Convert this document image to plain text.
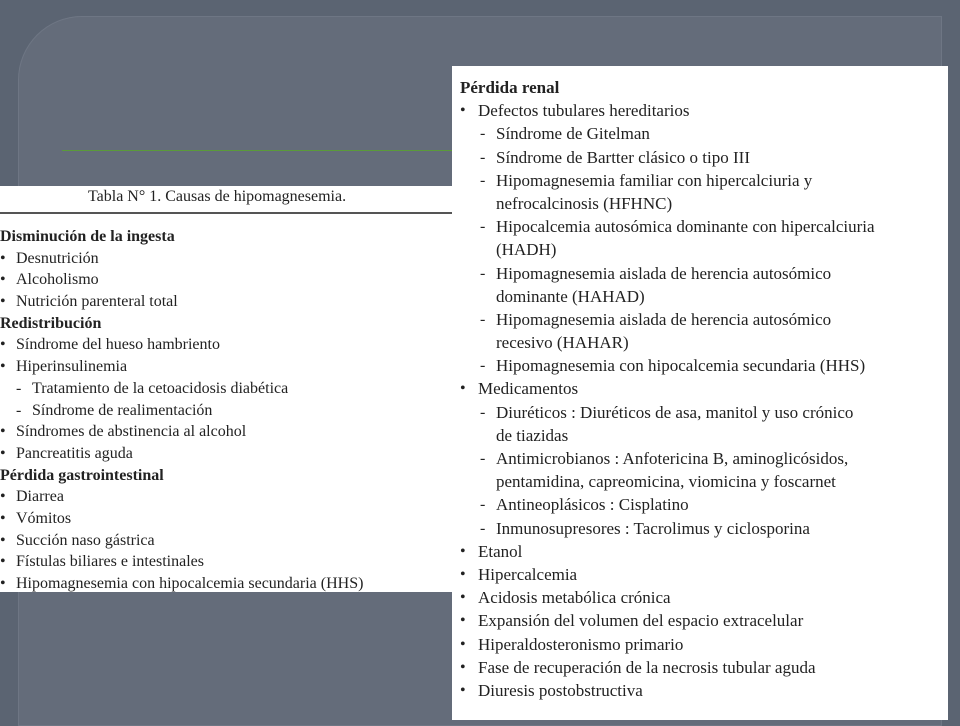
Tabla N° 1. Causas de hipomagnesemia.
Disminución de la ingesta
• Desnutrición
• Alcoholismo
• Nutrición parenteral total
Redistribución
• Síndrome del hueso hambriento
• Hiperinsulinemia
- Tratamiento de la cetoacidosis diabética
- Síndrome de realimentación
• Síndromes de abstinencia al alcohol
• Pancreatitis aguda
Pérdida gastrointestinal
• Diarrea
• Vómitos
• Succión naso gástrica
• Fístulas biliares e intestinales
• Hipomagnesemia con hipocalcemia secundaria (HHS)
Pérdida renal
• Defectos tubulares hereditarios
- Síndrome de Gitelman
- Síndrome de Bartter clásico o tipo III
- Hipomagnesemia familiar con hipercalciuria y
nefrocalcinosis (HFHNC)
- Hipocalcemia autosómica dominante con hipercalciuria
(HADH)
- Hipomagnesemia aislada de herencia autosómico
dominante (HAHAD)
- Hipomagnesemia aislada de herencia autosómico
recesivo (HAHAR)
- Hipomagnesemia con hipocalcemia secundaria (HHS)
• Medicamentos
- Diuréticos : Diuréticos de asa, manitol y uso crónico
de tiazidas
- Antimicrobianos : Anfotericina B, aminoglicósidos,
pentamidina, capreomicina, viomicina y foscarnet
- Antineoplásicos : Cisplatino
- Inmunosupresores : Tacrolimus y ciclosporina
• Etanol
• Hipercalcemia
• Acidosis metabólica crónica
• Expansión del volumen del espacio extracelular
• Hiperaldosteronismo primario
• Fase de recuperación de la necrosis tubular aguda
• Diuresis postobstructiva
